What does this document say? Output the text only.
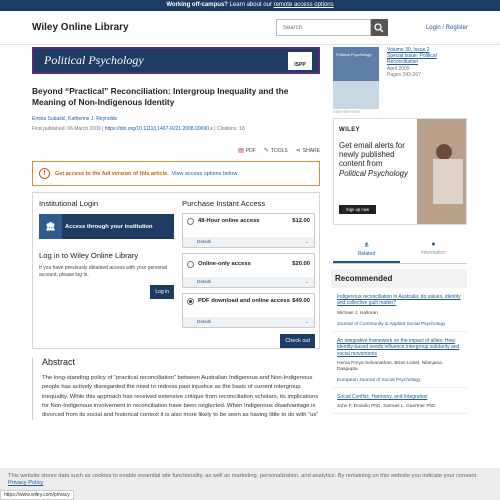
Working off-campus? Learn about our remote access options
Wiley Online Library
Search	Login / Register
Political Psychology	ISPP
Beyond “Practical” Reconciliation: Intergroup Inequality and the Meaning of Non-Indigenous Identity
Emina Subašić, Katherine J. Reynolds
First published: 06 March 2009 | https://doi.org/10.1111/j.1467-9221.2008.00690.x | Citations: 18
▤ PDF ✎ TOOLS ⋖ SHARE
!	Get access to the full version of this article. View access options below.
Institutional Login
🏛	Access through your institution
Log in to Wiley Online Library
If you have previously obtained access with your personal account, please log in.
Log in
Purchase Instant Access
48-Hour online access	$12.00
Details	⌄
Online-only access	$20.00
Details	⌄
PDF download and online access $49.00
Details	⌄
Check out
Abstract

The long-standing policy of “practical reconciliation” between Australian Indigenous and Non-Indigenous people has actively disregarded the need to redress past injustice as the basis of current intergroup inequality. While this approach has received extensive critique from reconciliation scholars, its implications for Non-Indigenous involvement in reconciliation have been neglected. When Indigenous disadvantage is divorced from its social and historical context it is also more likely to be seen as having little to do with “us”

Political Psychology
Volume 30, Issue 2
Special Issue: Political Reconciliation
April 2009
Pages 243-267
Advertisement
WILEY
Get email alerts for newly published content from Political Psychology
Sign up now
⋔
Related
●
Information
Recommended
Indigenous reconciliation in Australia: do values, identity and collective guilt matter?
Michael J. Halloran
Journal of Community & Applied Social Psychology
An integrative framework on the impact of allies: How identity-based needs influence intergroup solidarity and social movements
Hema Preya Selvanathan, Brian Lickel, Nilanjana Dasgupta
European Journal of Social Psychology
Social Conflict, Harmony, and Integration
John F. Dovidio PhD, Samuel L. Gaertner PhD
This website stores data such as cookies to enable essential site functionality, as well as marketing, personalization, and analytics. By remaining on this website you indicate your consent. Privacy Policy
https://www.wiley.com/privacy
